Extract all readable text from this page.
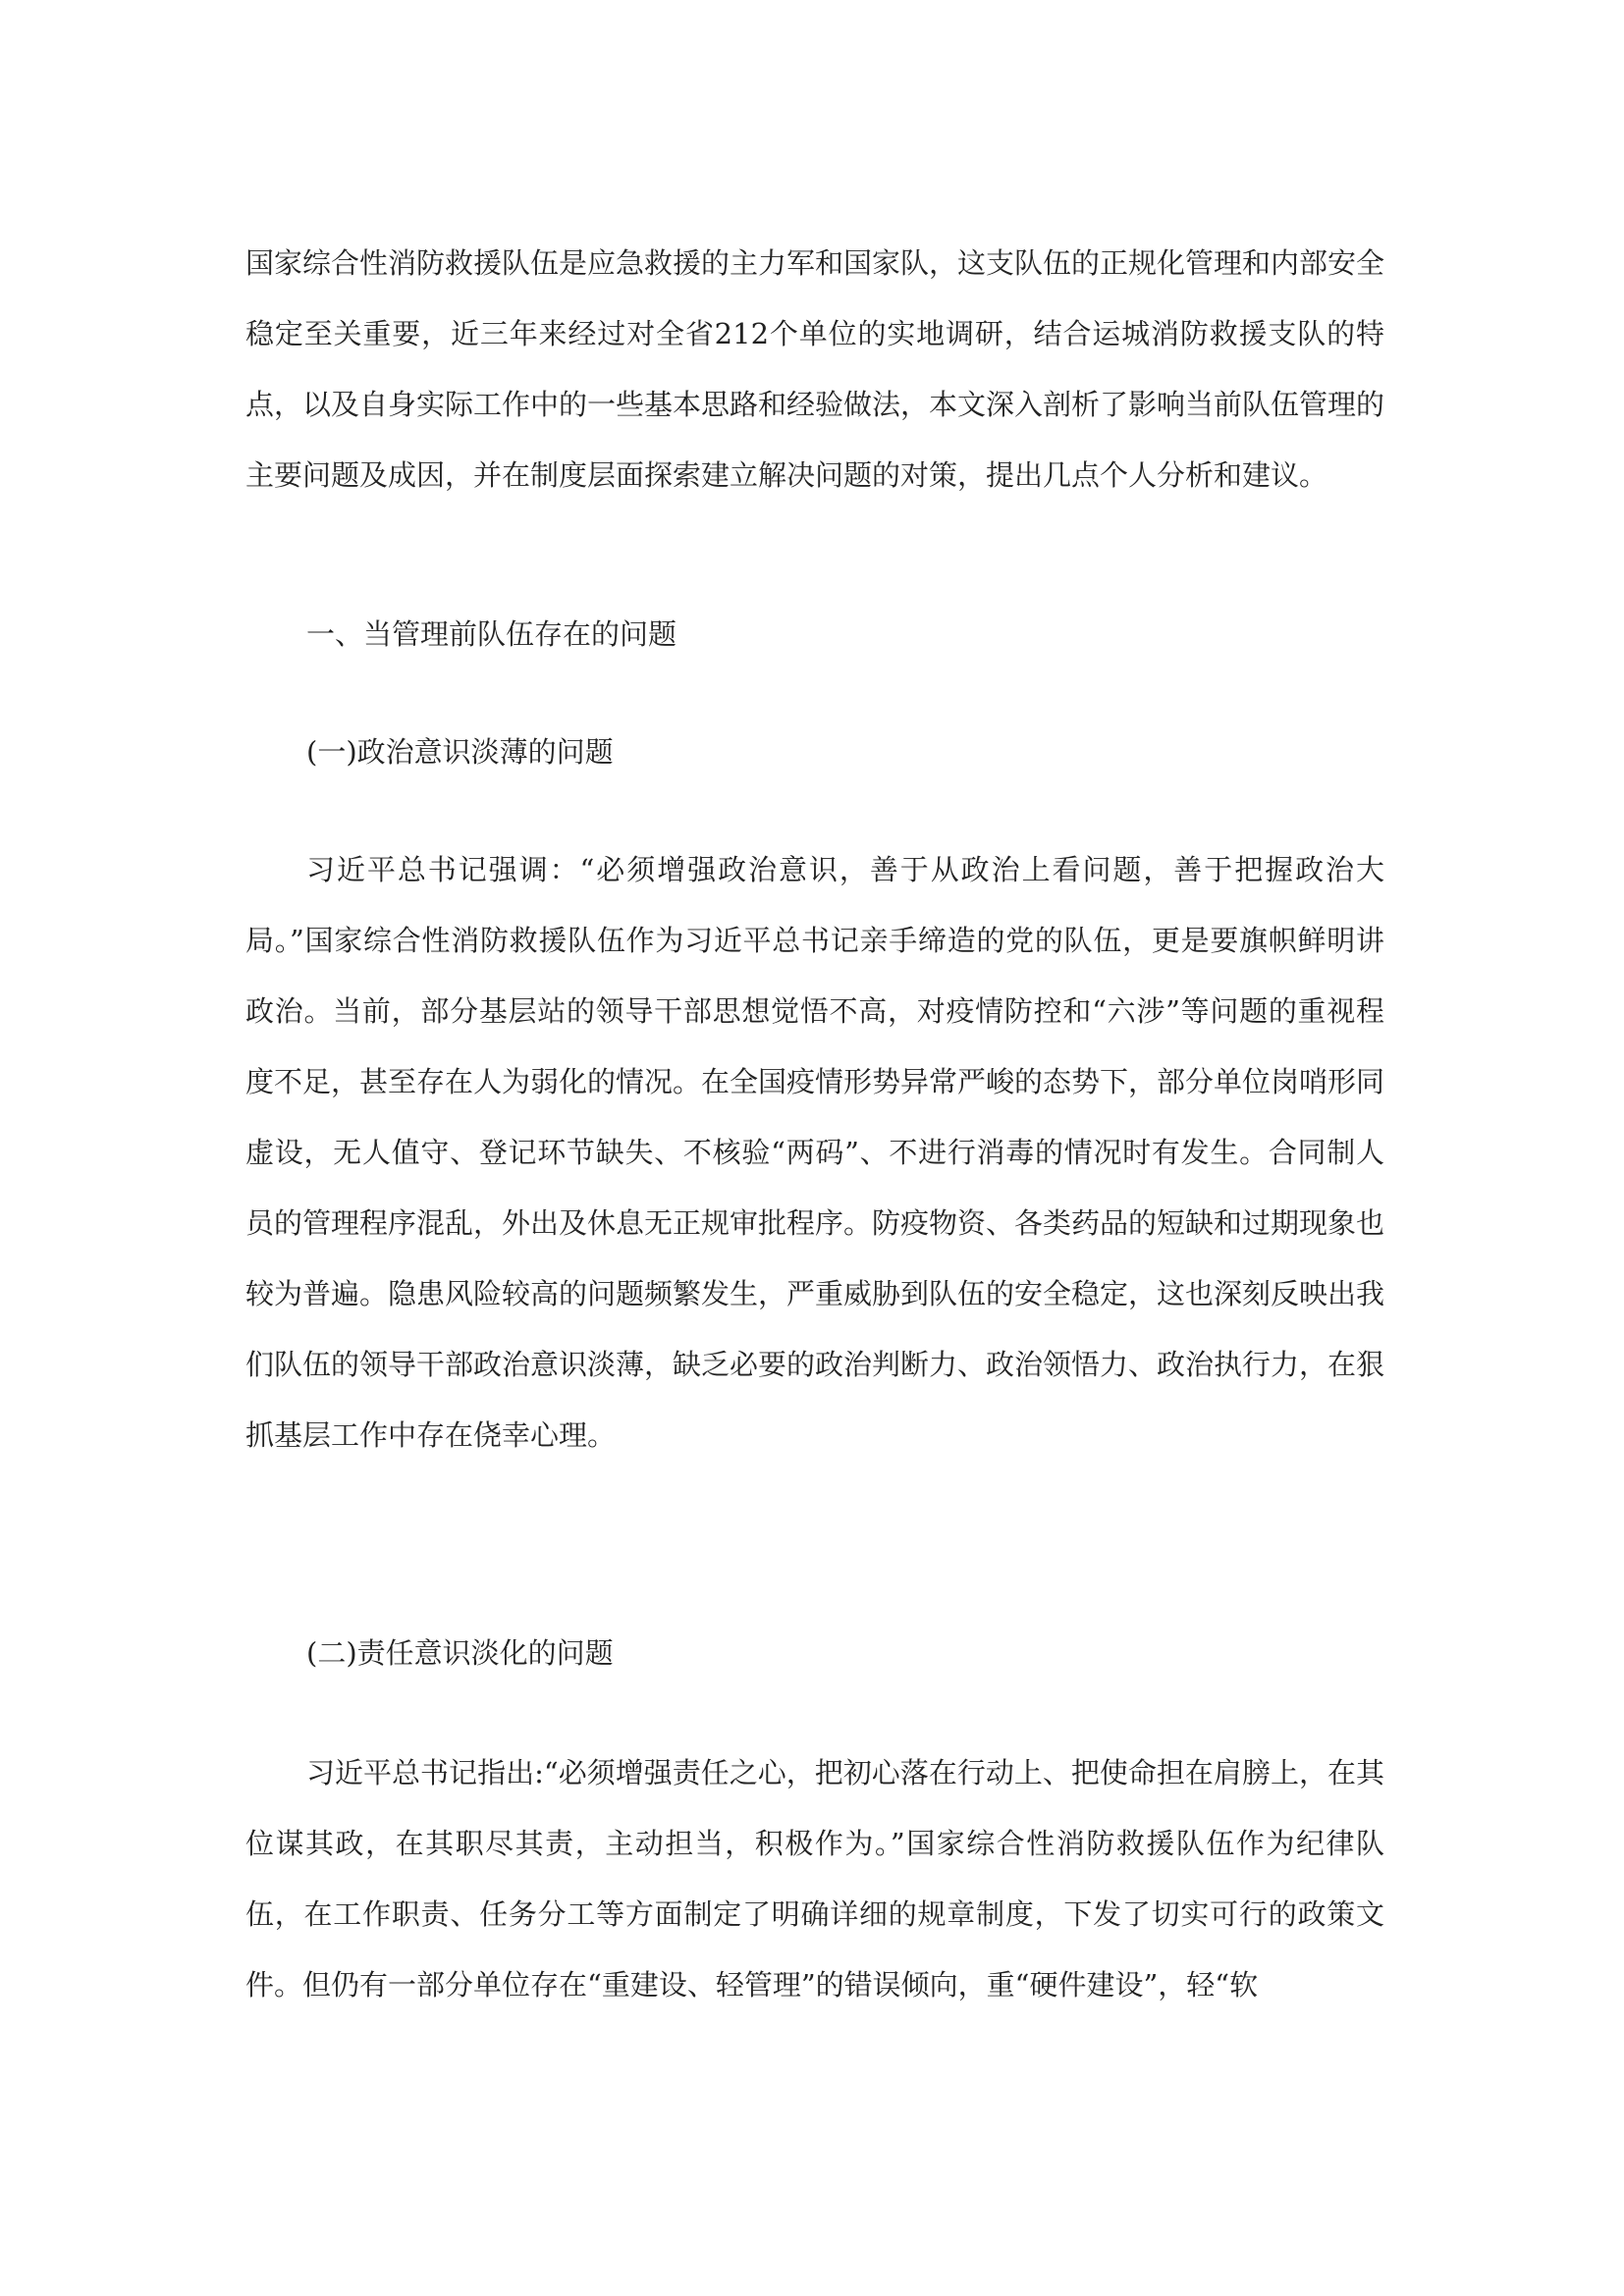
国家综合性消防救援队伍是应急救援的主力军和国家队，这支队伍的正规化管理和内部安全稳定至关重要，近三年来经过对全省212个单位的实地调研，结合运城消防救援支队的特点，以及自身实际工作中的一些基本思路和经验做法，本文深入剖析了影响当前队伍管理的主要问题及成因，并在制度层面探索建立解决问题的对策，提出几点个人分析和建议。

一、当管理前队伍存在的问题

(一)政治意识淡薄的问题

习近平总书记强调：“必须增强政治意识，善于从政治上看问题，善于把握政治大局。”国家综合性消防救援队伍作为习近平总书记亲手缔造的党的队伍，更是要旗帜鲜明讲政治。当前，部分基层站的领导干部思想觉悟不高，对疫情防控和“六涉”等问题的重视程度不足，甚至存在人为弱化的情况。在全国疫情形势异常严峻的态势下，部分单位岗哨形同虚设，无人值守、登记环节缺失、不核验“两码”、不进行消毒的情况时有发生。合同制人员的管理程序混乱，外出及休息无正规审批程序。防疫物资、各类药品的短缺和过期现象也较为普遍。隐患风险较高的问题频繁发生，严重威胁到队伍的安全稳定，这也深刻反映出我们队伍的领导干部政治意识淡薄，缺乏必要的政治判断力、政治领悟力、政治执行力，在狠抓基层工作中存在侥幸心理。

(二)责任意识淡化的问题

习近平总书记指出:“必须增强责任之心，把初心落在行动上、把使命担在肩膀上，在其位谋其政，在其职尽其责，主动担当，积极作为。”国家综合性消防救援队伍作为纪律队伍，在工作职责、任务分工等方面制定了明确详细的规章制度，下发了切实可行的政策文件。但仍有一部分单位存在“重建设、轻管理”的错误倾向，重“硬件建设”，轻“软
